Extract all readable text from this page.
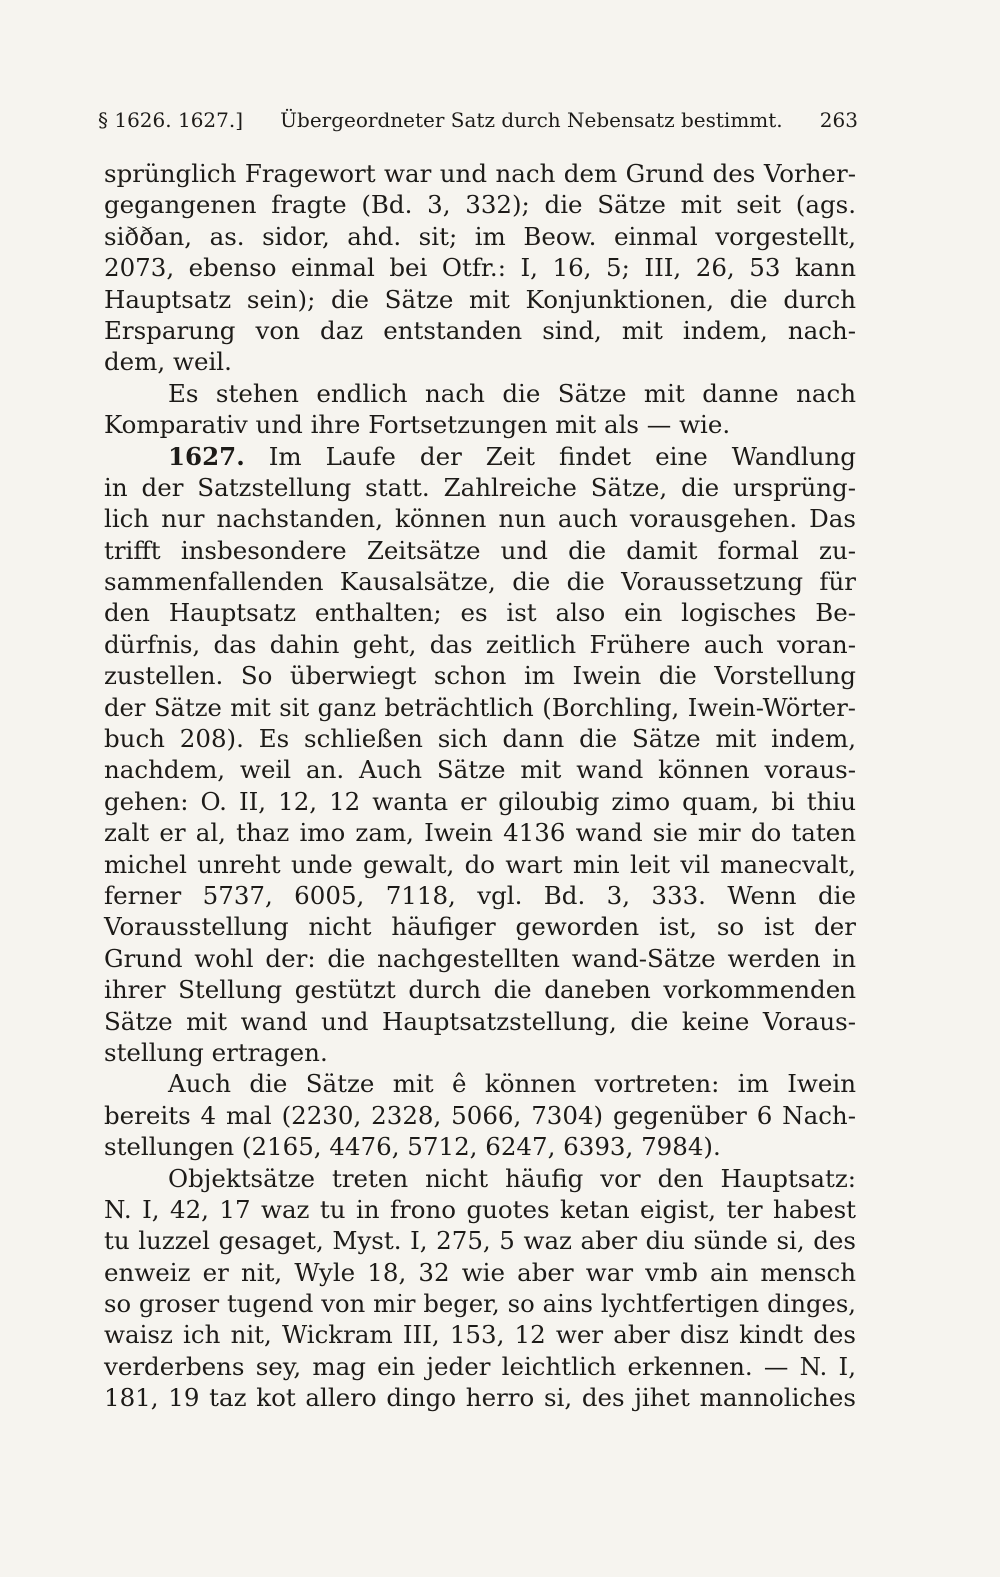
§ 1626. 1627.] Übergeordneter Satz durch Nebensatz bestimmt. 263
sprünglich Fragewort war und nach dem Grund des Vorher-
gegangenen fragte (Bd. 3, 332); die Sätze mit seit (ags.
siððan, as. sidor, ahd. sit; im Beow. einmal vorgestellt,
2073, ebenso einmal bei Otfr.: I, 16, 5; III, 26, 53 kann
Hauptsatz sein); die Sätze mit Konjunktionen, die durch
Ersparung von daz entstanden sind, mit indem, nach-
dem, weil.
Es stehen endlich nach die Sätze mit danne nach
Komparativ und ihre Fortsetzungen mit als — wie.
1627. Im Laufe der Zeit findet eine Wandlung
in der Satzstellung statt. Zahlreiche Sätze, die ursprüng-
lich nur nachstanden, können nun auch vorausgehen. Das
trifft insbesondere Zeitsätze und die damit formal zu-
sammenfallenden Kausalsätze, die die Voraussetzung für
den Hauptsatz enthalten; es ist also ein logisches Be-
dürfnis, das dahin geht, das zeitlich Frühere auch voran-
zustellen. So überwiegt schon im Iwein die Vorstellung
der Sätze mit sit ganz beträchtlich (Borchling, Iwein-Wörter-
buch 208). Es schließen sich dann die Sätze mit indem,
nachdem, weil an. Auch Sätze mit wand können voraus-
gehen: O. II, 12, 12 wanta er giloubig zimo quam, bi thiu
zalt er al, thaz imo zam, Iwein 4136 wand sie mir do taten
michel unreht unde gewalt, do wart min leit vil manecvalt,
ferner 5737, 6005, 7118, vgl. Bd. 3, 333. Wenn die
Vorausstellung nicht häufiger geworden ist, so ist der
Grund wohl der: die nachgestellten wand-Sätze werden in
ihrer Stellung gestützt durch die daneben vorkommenden
Sätze mit wand und Hauptsatzstellung, die keine Voraus-
stellung ertragen.
Auch die Sätze mit ê können vortreten: im Iwein
bereits 4 mal (2230, 2328, 5066, 7304) gegenüber 6 Nach-
stellungen (2165, 4476, 5712, 6247, 6393, 7984).
Objektsätze treten nicht häufig vor den Hauptsatz:
N. I, 42, 17 waz tu in frono guotes ketan eigist, ter habest
tu luzzel gesaget, Myst. I, 275, 5 waz aber diu sünde si, des
enweiz er nit, Wyle 18, 32 wie aber war vmb ain mensch
so groser tugend von mir beger, so ains lychtfertigen dinges,
waisz ich nit, Wickram III, 153, 12 wer aber disz kindt des
verderbens sey, mag ein jeder leichtlich erkennen. — N. I,
181, 19 taz kot allero dingo herro si, des jihet mannoliches
